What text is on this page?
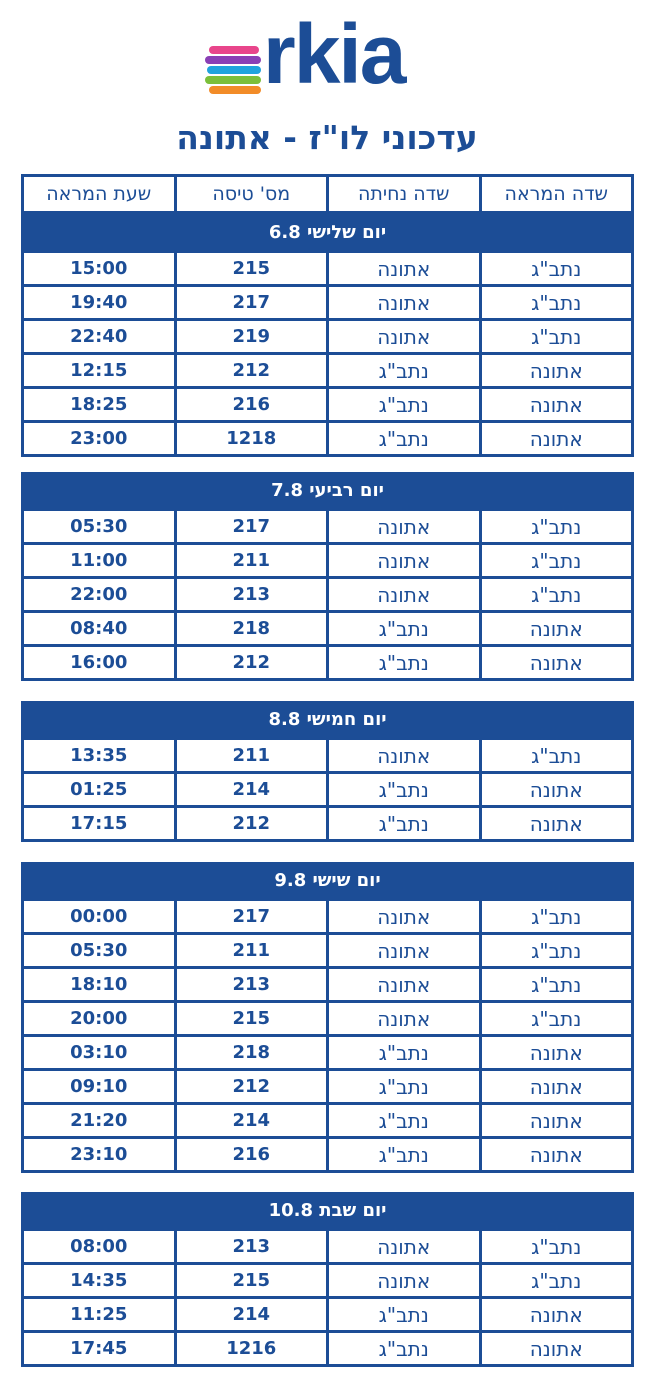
rkia
עדכוני לו"ז - אתונה
שדה המראה
שדה נחיתה
מס' טיסה
שעת המראה
יום שלישי 6.8
נתב"ג
אתונה
215
15:00
נתב"ג
אתונה
217
19:40
נתב"ג
אתונה
219
22:40
אתונה
נתב"ג
212
12:15
אתונה
נתב"ג
216
18:25
אתונה
נתב"ג
1218
23:00
יום רביעי 7.8
נתב"ג
אתונה
217
05:30
נתב"ג
אתונה
211
11:00
נתב"ג
אתונה
213
22:00
אתונה
נתב"ג
218
08:40
אתונה
נתב"ג
212
16:00
יום חמישי 8.8
נתב"ג
אתונה
211
13:35
אתונה
נתב"ג
214
01:25
אתונה
נתב"ג
212
17:15
יום שישי 9.8
נתב"ג
אתונה
217
00:00
נתב"ג
אתונה
211
05:30
נתב"ג
אתונה
213
18:10
נתב"ג
אתונה
215
20:00
אתונה
נתב"ג
218
03:10
אתונה
נתב"ג
212
09:10
אתונה
נתב"ג
214
21:20
אתונה
נתב"ג
216
23:10
יום שבת 10.8
נתב"ג
אתונה
213
08:00
נתב"ג
אתונה
215
14:35
אתונה
נתב"ג
214
11:25
אתונה
נתב"ג
1216
17:45
